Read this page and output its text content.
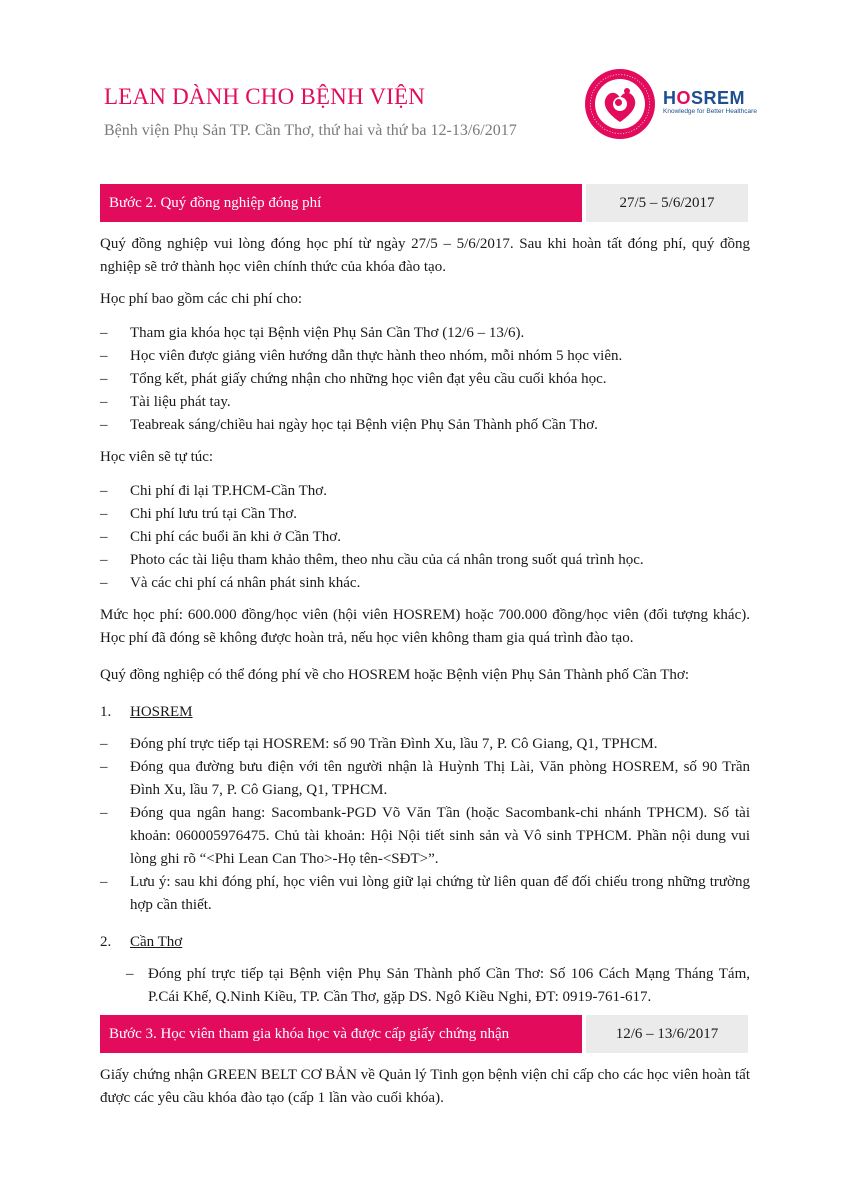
LEAN DÀNH CHO BỆNH VIỆN
Bệnh viện Phụ Sản TP. Cần Thơ, thứ hai và thứ ba 12-13/6/2017
HOSREM
Knowledge for Better Healthcare
Bước 2. Quý đồng nghiệp đóng phí	27/5 – 5/6/2017

Quý đồng nghiệp vui lòng đóng học phí từ ngày 27/5 – 5/6/2017. Sau khi hoàn tất đóng phí, quý đồng nghiệp sẽ trở thành học viên chính thức của khóa đào tạo.

Học phí bao gồm các chi phí cho:

– Tham gia khóa học tại Bệnh viện Phụ Sản Cần Thơ (12/6 – 13/6).
– Học viên được giảng viên hướng dẫn thực hành theo nhóm, mỗi nhóm 5 học viên.
– Tổng kết, phát giấy chứng nhận cho những học viên đạt yêu cầu cuối khóa học.
– Tài liệu phát tay.
– Teabreak sáng/chiều hai ngày học tại Bệnh viện Phụ Sản Thành phố Cần Thơ.

Học viên sẽ tự túc:

– Chi phí đi lại TP.HCM-Cần Thơ.
– Chi phí lưu trú tại Cần Thơ.
– Chi phí các buổi ăn khi ở Cần Thơ.
– Photo các tài liệu tham khảo thêm, theo nhu cầu của cá nhân trong suốt quá trình học.
– Và các chi phí cá nhân phát sinh khác.

Mức học phí: 600.000 đồng/học viên (hội viên HOSREM) hoặc 700.000 đồng/học viên (đối tượng khác). Học phí đã đóng sẽ không được hoàn trả, nếu học viên không tham gia quá trình đào tạo.

Quý đồng nghiệp có thể đóng phí về cho HOSREM hoặc Bệnh viện Phụ Sản Thành phố Cần Thơ:

1. HOSREM
– Đóng phí trực tiếp tại HOSREM: số 90 Trần Đình Xu, lầu 7, P. Cô Giang, Q1, TPHCM.
– Đóng qua đường bưu điện với tên người nhận là Huỳnh Thị Lài, Văn phòng HOSREM, số 90 Trần Đình Xu, lầu 7, P. Cô Giang, Q1, TPHCM.
– Đóng qua ngân hang: Sacombank-PGD Võ Văn Tần (hoặc Sacombank-chi nhánh TPHCM). Số tài khoản: 060005976475. Chủ tài khoản: Hội Nội tiết sinh sản và Vô sinh TPHCM. Phần nội dung vui lòng ghi rõ “<Phi Lean Can Tho>-Họ tên-<SĐT>”.
– Lưu ý: sau khi đóng phí, học viên vui lòng giữ lại chứng từ liên quan để đối chiếu trong những trường hợp cần thiết.
2. Cần Thơ
– Đóng phí trực tiếp tại Bệnh viện Phụ Sản Thành phố Cần Thơ: Số 106 Cách Mạng Tháng Tám, P.Cái Khế, Q.Ninh Kiều, TP. Cần Thơ, gặp DS. Ngô Kiều Nghi, ĐT: 0919-761-617.
Bước 3. Học viên tham gia khóa học và được cấp giấy chứng nhận	12/6 – 13/6/2017

Giấy chứng nhận GREEN BELT CƠ BẢN về Quản lý Tinh gọn bệnh viện chỉ cấp cho các học viên hoàn tất được các yêu cầu khóa đào tạo (cấp 1 lần vào cuối khóa).
